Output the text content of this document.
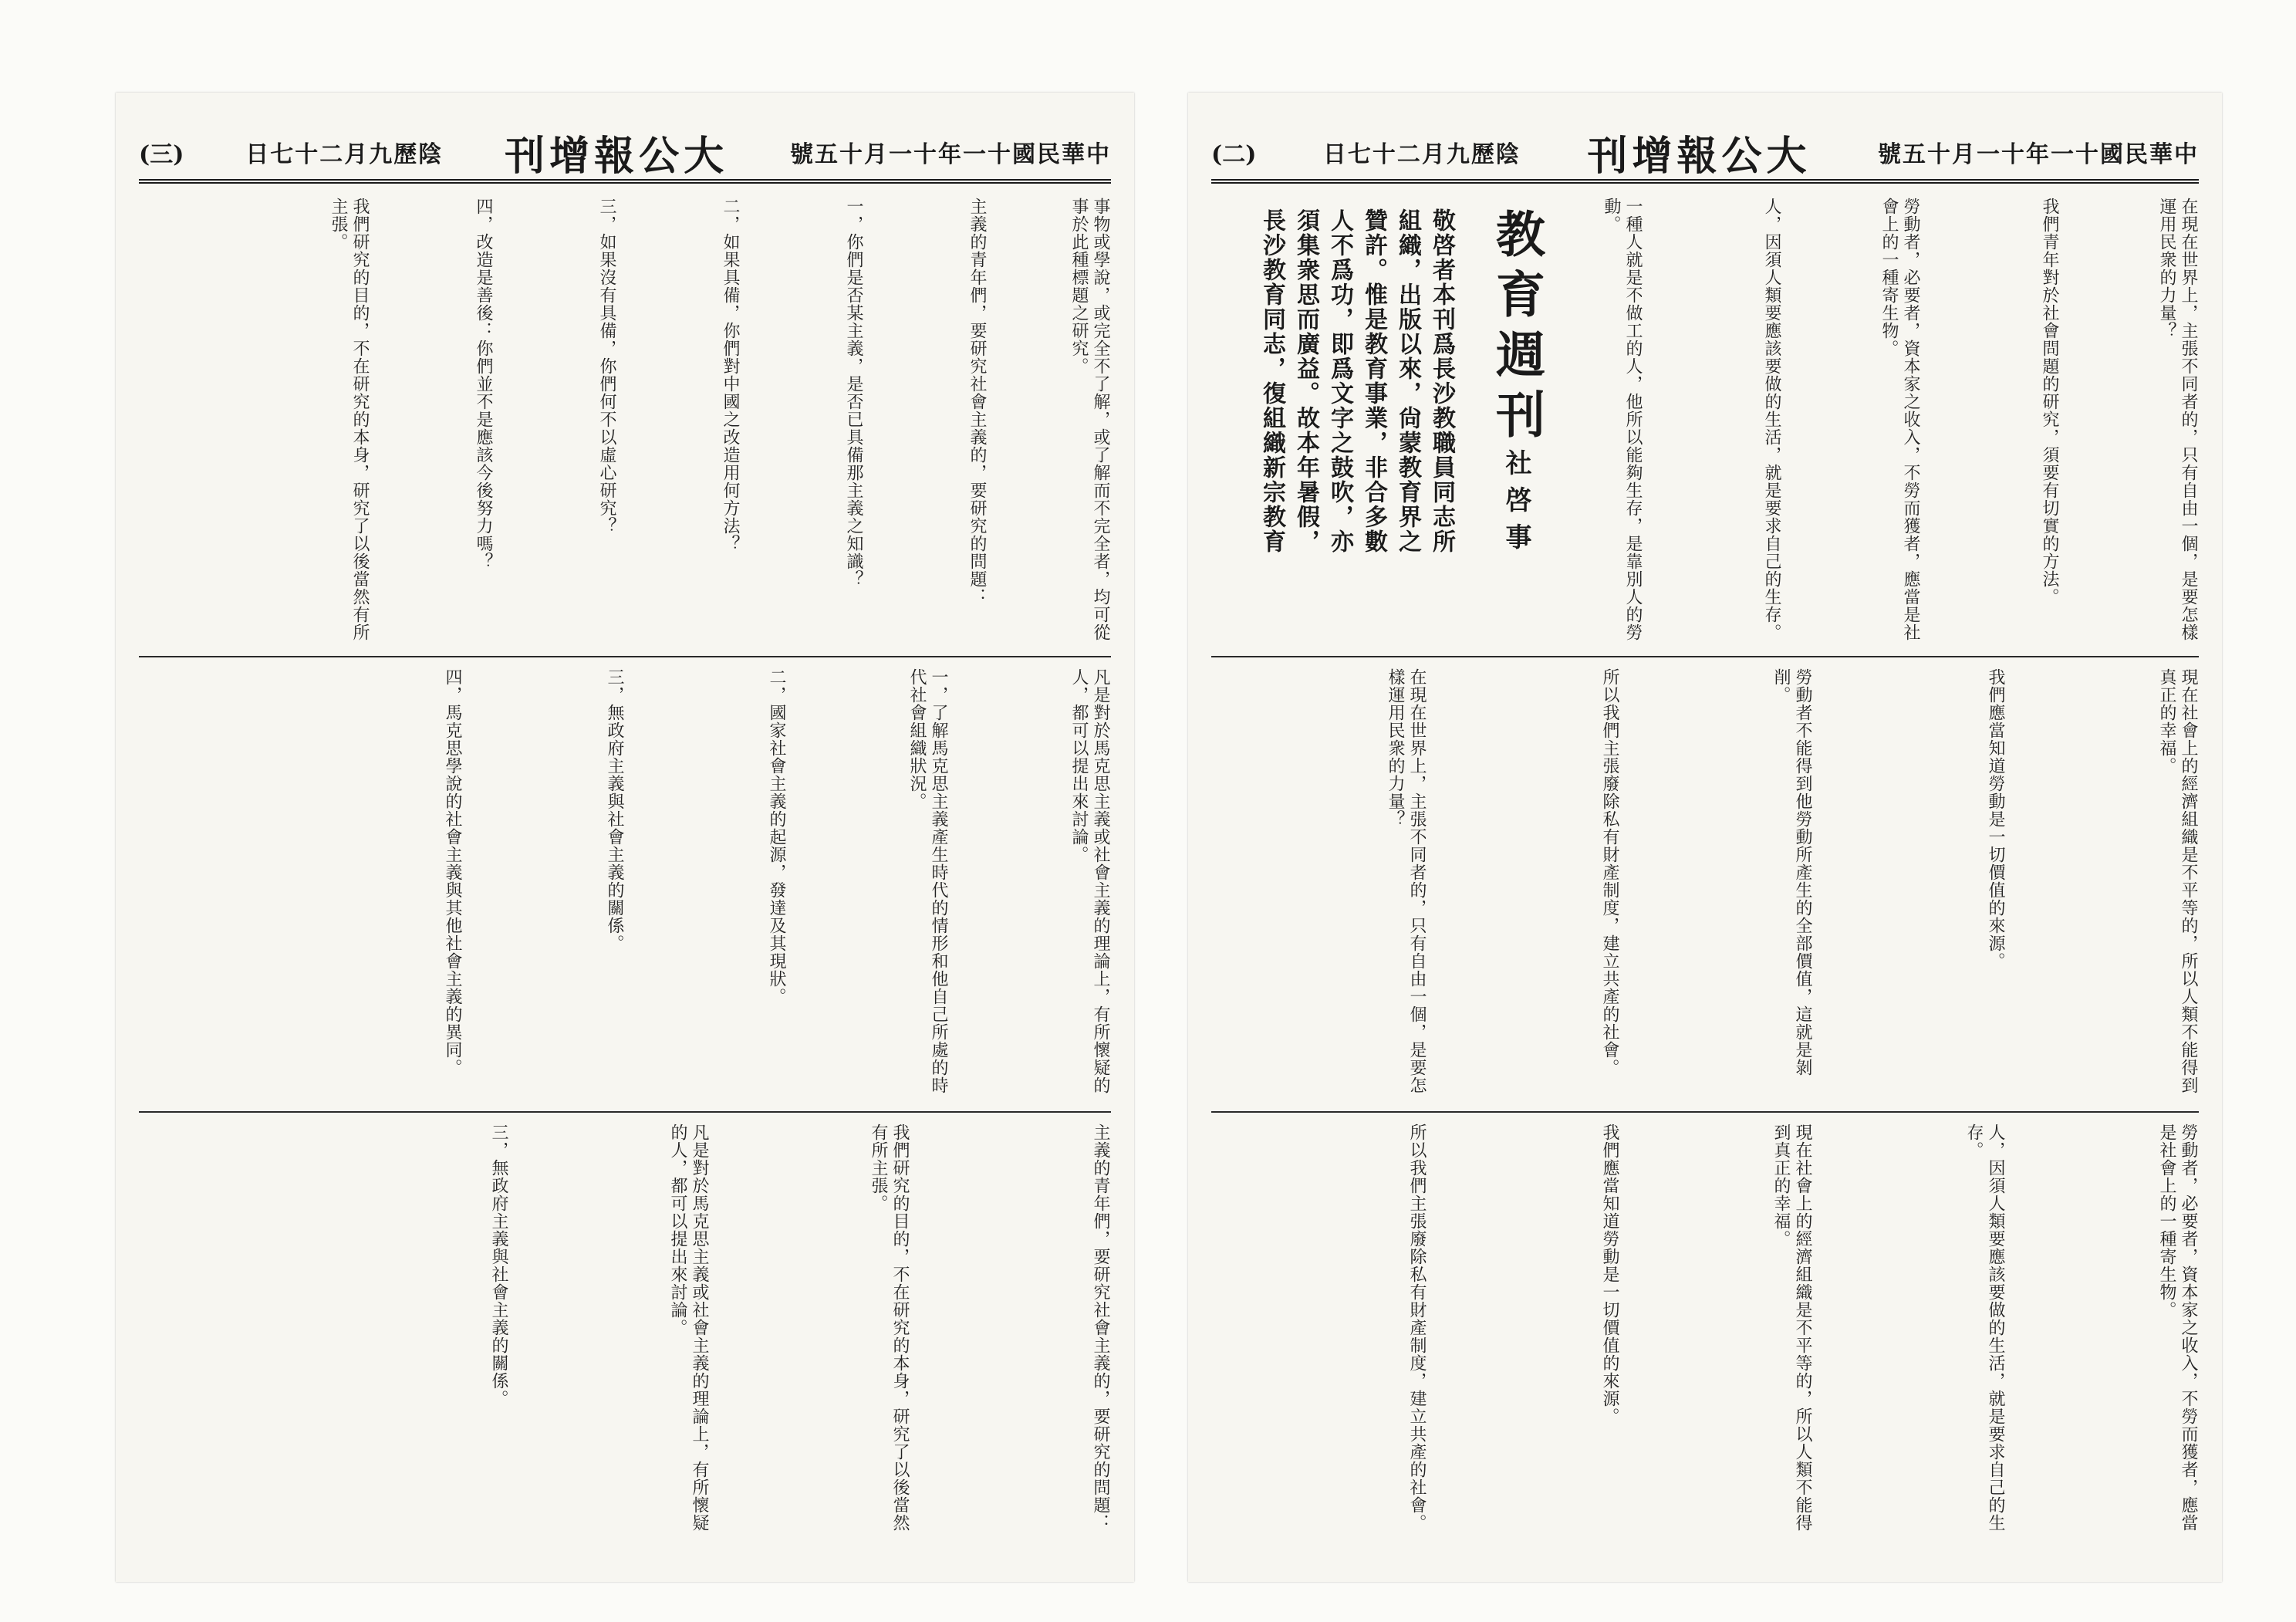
(三)	日七十二月九歷陰 刊增報公大	號五十月一十年一十國民華中
事物或學說，或完全不了解，或了解而不完全者，均可從事於此種標題之研究。
主義的青年們，要研究社會主義的，要研究的問題：
一，你們是否某主義，是否已具備那主義之知識？
二，如果具備，你們對中國之改造用何方法？
三，如果沒有具備，你們何不以虛心研究？
四，改造是善後：你們並不是應該今後努力嗎？
我們研究的目的，不在研究的本身，研究了以後當然有所主張。
凡是對於馬克思主義或社會主義的理論上，有所懷疑的人，都可以提出來討論。
一，了解馬克思主義產生時代的情形和他自己所處的時代社會組織狀況。
二，國家社會主義的起源，發達及其現狀。
三，無政府主義與社會主義的關係。
四，馬克思學說的社會主義與其他社會主義的異同。
主義的青年們，要研究社會主義的，要研究的問題：
我們研究的目的，不在研究的本身，研究了以後當然有所主張。
凡是對於馬克思主義或社會主義的理論上，有所懷疑的人，都可以提出來討論。
三，無政府主義與社會主義的關係。
(二)	日七十二月九歷陰 刊增報公大	號五十月一十年一十國民華中
在現在世界上，主張不同者的，只有自由一個，是要怎樣運用民衆的力量？
我們青年對於社會問題的研究，須要有切實的方法。
勞動者，必要者，資本家之收入，不勞而獲者，應當是社會上的一種寄生物。
人，因須人類要應該要做的生活，就是要求自己的生存。
一種人就是不做工的人，他所以能夠生存，是靠別人的勞動。
教育週刊社啓事
敬啓者本刊爲長沙教職員同志所組織，出版以來，尙蒙教育界之贊許。惟是教育事業，非合多數人不爲功，即爲文字之鼓吹，亦須集衆思而廣益。故本年暑假，長沙教育同志，復組織新宗教育
現在社會上的經濟組織是不平等的，所以人類不能得到真正的幸福。
我們應當知道勞動是一切價值的來源。
勞動者不能得到他勞動所產生的全部價值，這就是剝削。
所以我們主張廢除私有財產制度，建立共產的社會。
在現在世界上，主張不同者的，只有自由一個，是要怎樣運用民衆的力量？
勞動者，必要者，資本家之收入，不勞而獲者，應當是社會上的一種寄生物。
人，因須人類要應該要做的生活，就是要求自己的生存。
現在社會上的經濟組織是不平等的，所以人類不能得到真正的幸福。
我們應當知道勞動是一切價值的來源。
所以我們主張廢除私有財產制度，建立共產的社會。
